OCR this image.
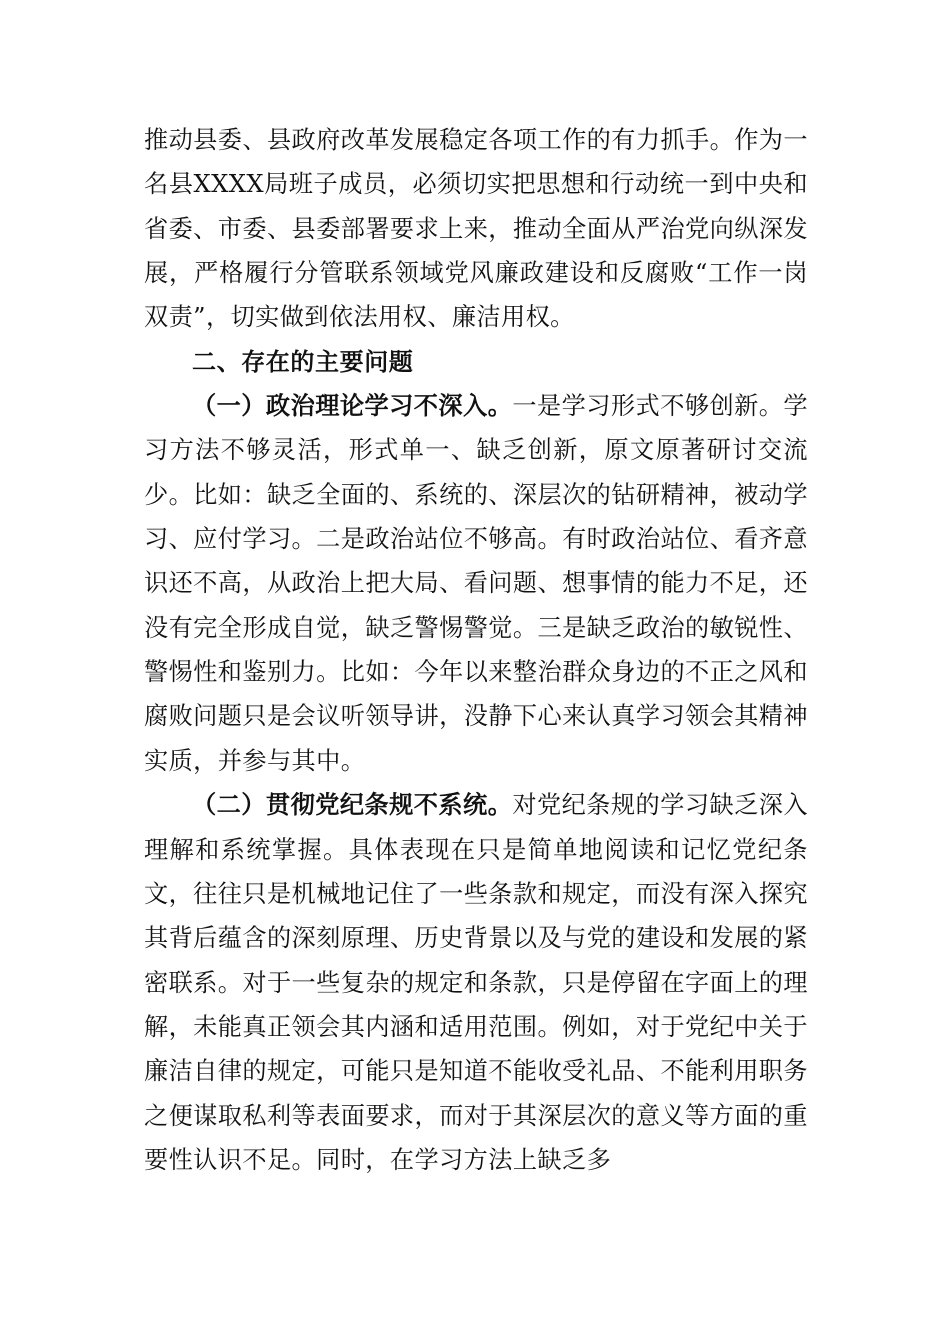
推动县委、县政府改革发展稳定各项工作的有力抓手。作为一名县XXXX局班子成员，必须切实把思想和行动统一到中央和省委、市委、县委部署要求上来，推动全面从严治党向纵深发展，严格履行分管联系领域党风廉政建设和反腐败“工作一岗双责”，切实做到依法用权、廉洁用权。

二、存在的主要问题

（一）政治理论学习不深入。一是学习形式不够创新。学习方法不够灵活，形式单一、缺乏创新，原文原著研讨交流少。比如：缺乏全面的、系统的、深层次的钻研精神，被动学习、应付学习。二是政治站位不够高。有时政治站位、看齐意识还不高，从政治上把大局、看问题、想事情的能力不足，还没有完全形成自觉，缺乏警惕警觉。三是缺乏政治的敏锐性、警惕性和鉴别力。比如：今年以来整治群众身边的不正之风和腐败问题只是会议听领导讲，没静下心来认真学习领会其精神实质，并参与其中。

（二）贯彻党纪条规不系统。对党纪条规的学习缺乏深入理解和系统掌握。具体表现在只是简单地阅读和记忆党纪条文，往往只是机械地记住了一些条款和规定，而没有深入探究其背后蕴含的深刻原理、历史背景以及与党的建设和发展的紧密联系。对于一些复杂的规定和条款，只是停留在字面上的理解，未能真正领会其内涵和适用范围。例如，对于党纪中关于廉洁自律的规定，可能只是知道不能收受礼品、不能利用职务之便谋取私利等表面要求，而对于其深层次的意义等方面的重要性认识不足。同时，在学习方法上缺乏多
